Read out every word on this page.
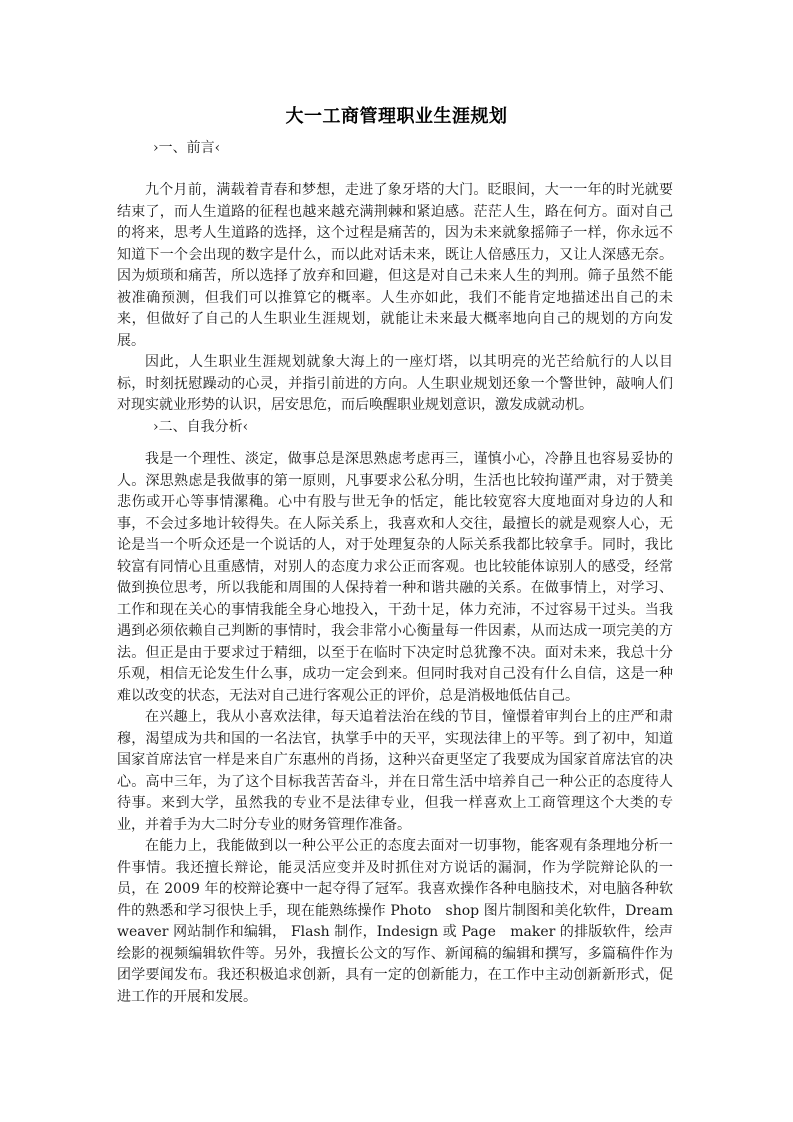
大一工商管理职业生涯规划

›一、前言‹

九个月前，满载着青春和梦想，走进了象牙塔的大门。眨眼间，大一一年的时光就要结束了，而人生道路的征程也越来越充满荆棘和紧迫感。茫茫人生，路在何方。面对自己的将来，思考人生道路的选择，这个过程是痛苦的，因为未来就象摇筛子一样，你永远不知道下一个会出现的数字是什么，而以此对话未来，既让人倍感压力，又让人深感无奈。因为烦琐和痛苦，所以选择了放弃和回避，但这是对自己未来人生的判刑。筛子虽然不能被准确预测，但我们可以推算它的概率。人生亦如此，我们不能肯定地描述出自己的未来，但做好了自己的人生职业生涯规划，就能让未来最大概率地向自己的规划的方向发展。

因此，人生职业生涯规划就象大海上的一座灯塔，以其明亮的光芒给航行的人以目标，时刻抚慰躁动的心灵，并指引前进的方向。人生职业规划还象一个警世钟，敲响人们对现实就业形势的认识，居安思危，而后唤醒职业规划意识，激发成就动机。

›二、自我分析‹

我是一个理性、淡定，做事总是深思熟虑考虑再三，谨慎小心，冷静且也容易妥协的人。深思熟虑是我做事的第一原则，凡事要求公私分明，生活也比较拘谨严肃，对于赞美悲伤或开心等事情漯穐。心中有股与世无争的恬定，能比较宽容大度地面对身边的人和事，不会过多地计较得失。在人际关系上，我喜欢和人交往，最擅长的就是观察人心，无论是当一个听众还是一个说话的人，对于处理复杂的人际关系我都比较拿手。同时，我比较富有同情心且重感情，对别人的态度力求公正而客观。也比较能体谅别人的感受，经常做到换位思考，所以我能和周围的人保持着一种和谐共融的关系。在做事情上，对学习、工作和现在关心的事情我能全身心地投入，干劲十足，体力充沛，不过容易干过头。当我遇到必须依赖自己判断的事情时，我会非常小心衡量每一件因素，从而达成一项完美的方法。但正是由于要求过于精细，以至于在临时下决定时总犹豫不决。面对未来，我总十分乐观，相信无论发生什么事，成功一定会到来。但同时我对自己没有什么自信，这是一种难以改变的状态，无法对自己进行客观公正的评价，总是消极地低估自己。

在兴趣上，我从小喜欢法律，每天追着法治在线的节目，憧憬着审判台上的庄严和肃穆，渴望成为共和国的一名法官，执掌手中的天平，实现法律上的平等。到了初中，知道国家首席法官一样是来自广东惠州的肖扬，这种兴奋更坚定了我要成为国家首席法官的决心。高中三年，为了这个目标我苦苦奋斗，并在日常生活中培养自己一种公正的态度待人待事。来到大学，虽然我的专业不是法律专业，但我一样喜欢上工商管理这个大类的专业，并着手为大二时分专业的财务管理作准备。

在能力上，我能做到以一种公平公正的态度去面对一切事物，能客观有条理地分析一件事情。我还擅长辩论，能灵活应变并及时抓住对方说话的漏洞，作为学院辩论队的一员，在 2009 年的校辩论赛中一起夺得了冠军。我喜欢操作各种电脑技术，对电脑各种软件的熟悉和学习很快上手，现在能熟练操作 Photo　shop 图片制图和美化软件，Dream weaver 网站制作和编辑， Flash 制作，Indesign 或 Page　maker 的排版软件，绘声绘影的视频编辑软件等。另外，我擅长公文的写作、新闻稿的编辑和撰写，多篇稿件作为团学要闻发布。我还积极追求创新，具有一定的创新能力，在工作中主动创新新形式，促进工作的开展和发展。
